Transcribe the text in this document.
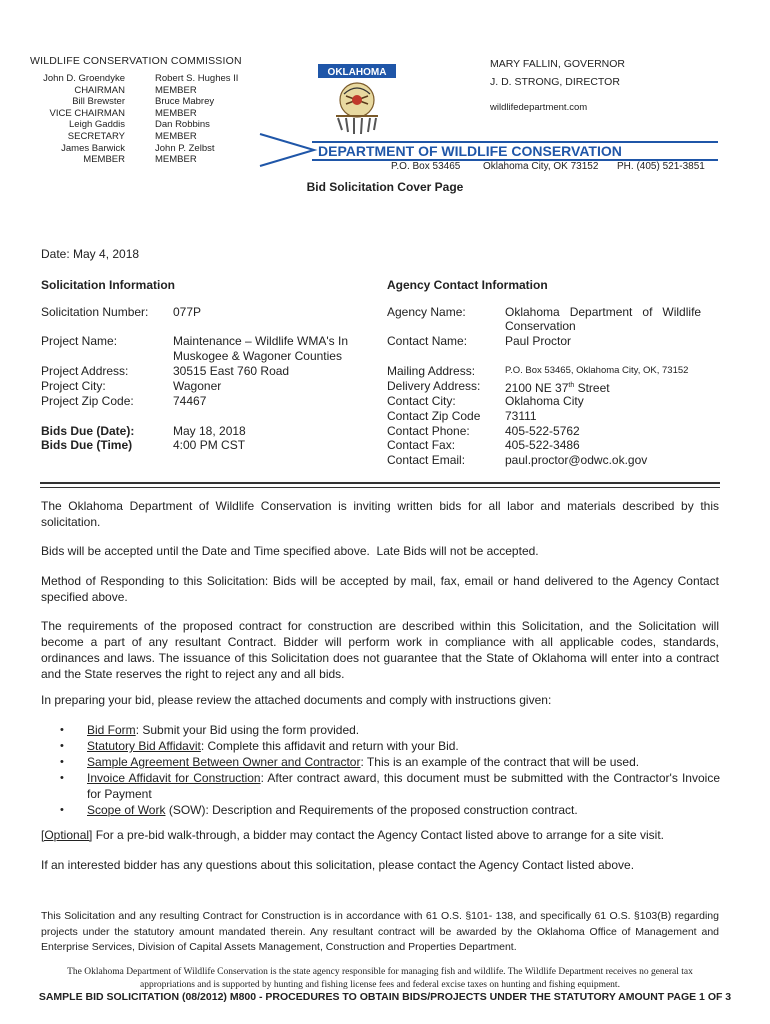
WILDLIFE CONSERVATION COMMISSION
John D. Groendyke
CHAIRMAN
Bill Brewster
VICE CHAIRMAN
Leigh Gaddis
SECRETARY
James Barwick
MEMBER
Robert S. Hughes II
MEMBER
Bruce Mabrey
MEMBER
Dan Robbins
MEMBER
John P. Zelbst
MEMBER
MARY FALLIN, GOVERNOR
J. D. STRONG, DIRECTOR
wildlifedepartment.com
OKLAHOMA
DEPARTMENT OF WILDLIFE CONSERVATION
P.O. Box 53465 Oklahoma City, OK 73152 PH. (405) 521-3851
Bid Solicitation Cover Page
Date: May 4, 2018
Solicitation Information	Agency Contact Information
Solicitation Number: 077P
Project Name:	Maintenance – Wildlife WMA's In
Muskogee & Wagoner Counties
Project Address:	30515 East 760 Road
Project City:	Wagoner
Project Zip Code:	74467
Bids Due (Date):	May 18, 2018
Bids Due (Time)	4:00 PM CST
Agency Name:	Oklahoma   Department   of   Wildlife
Conservation
Contact Name:	Paul Proctor
Mailing Address:	P.O. Box 53465, Oklahoma City, OK, 73152
Delivery Address: 2100 NE 37th Street
Contact City:	Oklahoma City
Contact Zip Code 73111
Contact Phone:	405-522-5762
Contact Fax:	405-522-3486
Contact Email:	paul.proctor@odwc.ok.gov
The Oklahoma Department of Wildlife Conservation is inviting written bids for all labor and materials described by this solicitation.
Bids will be accepted until the Date and Time specified above.  Late Bids will not be accepted.
Method of Responding to this Solicitation: Bids will be accepted by mail, fax, email or hand delivered to the Agency Contact specified above.
The requirements of the proposed contract for construction are described within this Solicitation, and the Solicitation will become a part of any resultant Contract. Bidder will perform work in compliance with all applicable codes, standards, ordinances and laws. The issuance of this Solicitation does not guarantee that the State of Oklahoma will enter into a contract and the State reserves the right to reject any and all bids.
In preparing your bid, please review the attached documents and comply with instructions given:
• Bid Form: Submit your Bid using the form provided.
• Statutory Bid Affidavit: Complete this affidavit and return with your Bid.
• Sample Agreement Between Owner and Contractor: This is an example of the contract that will be used.
• Invoice Affidavit for Construction: After contract award, this document must be submitted with the Contractor's Invoice for Payment
• Scope of Work (SOW): Description and Requirements of the proposed construction contract.
[Optional] For a pre-bid walk-through, a bidder may contact the Agency Contact listed above to arrange for a site visit.
If an interested bidder has any questions about this solicitation, please contact the Agency Contact listed above.
This Solicitation and any resulting Contract for Construction is in accordance with 61 O.S. §101- 138, and specifically 61 O.S. §103(B) regarding projects under the statutory amount mandated therein. Any resultant contract will be awarded by the Oklahoma Office of Management and Enterprise Services, Division of Capital Assets Management, Construction and Properties Department.
The Oklahoma Department of Wildlife Conservation is the state agency responsible for managing fish and wildlife. The Wildlife Department receives no general tax appropriations and is supported by hunting and fishing license fees and federal excise taxes on hunting and fishing equipment.
SAMPLE BID SOLICITATION (08/2012) M800 - PROCEDURES TO OBTAIN BIDS/PROJECTS UNDER THE STATUTORY AMOUNT PAGE 1 OF 3
